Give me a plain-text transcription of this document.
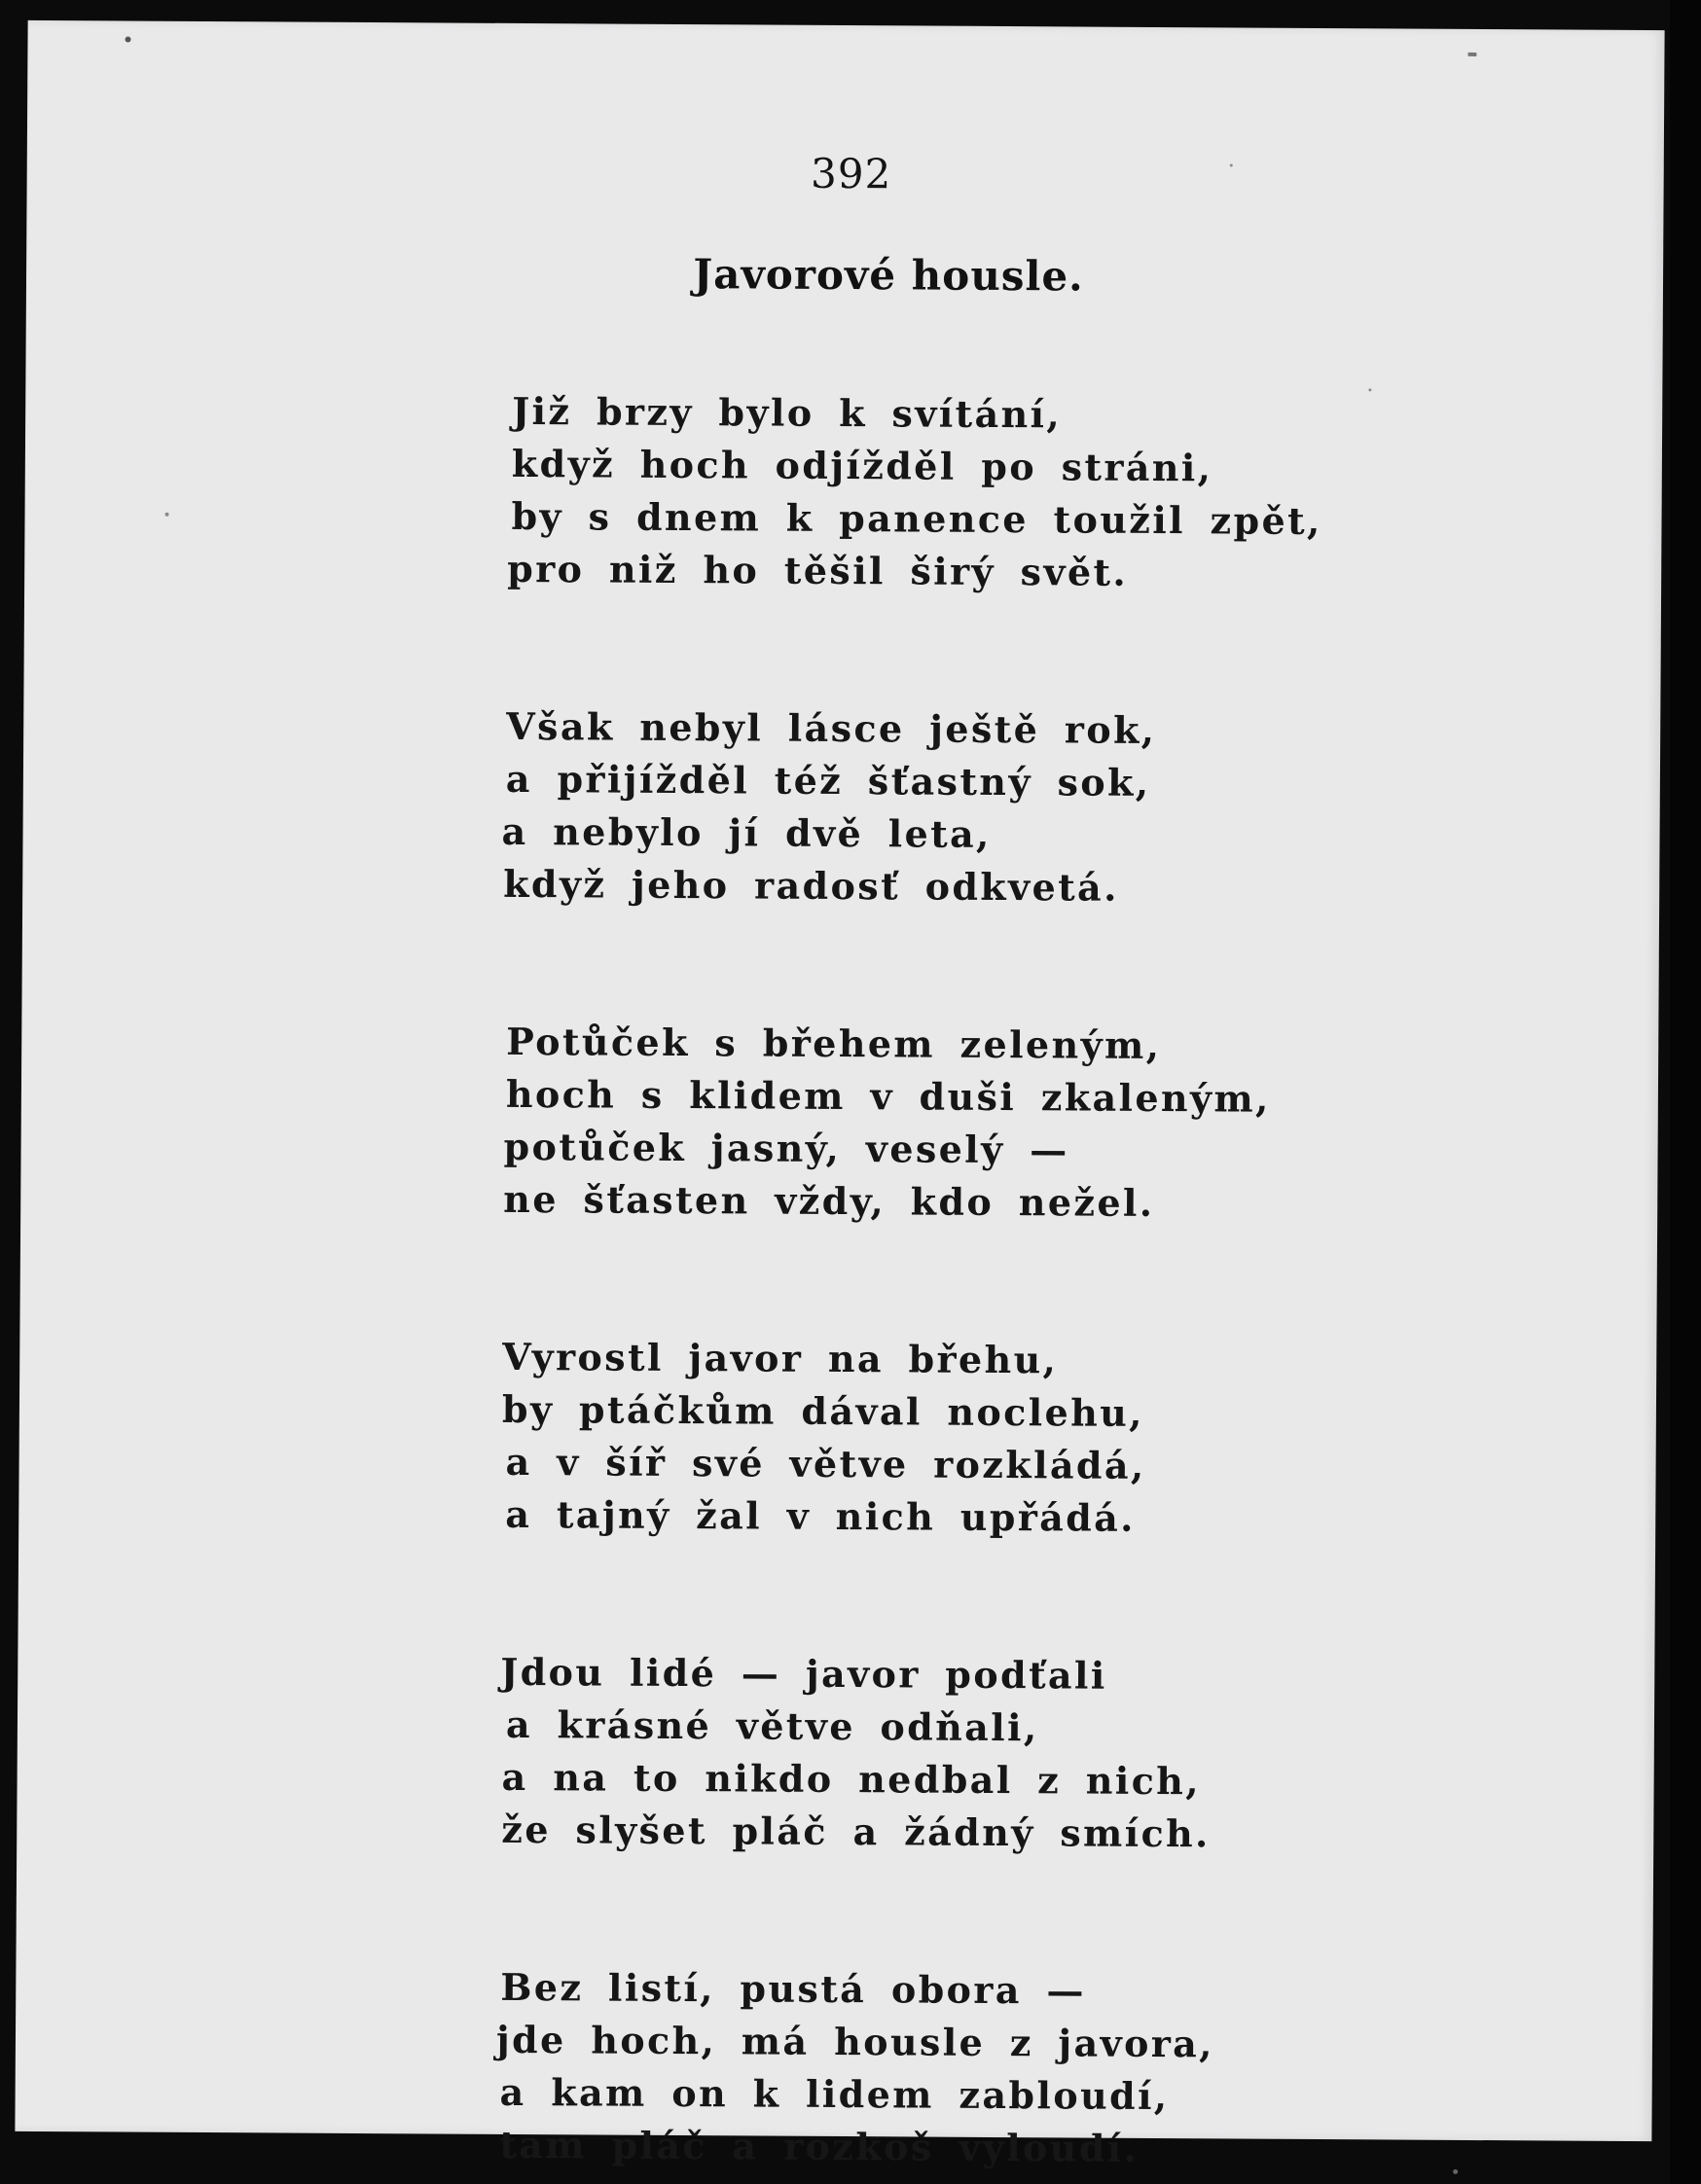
392
Javorové housle.
Již brzy bylo k svítání,
když hoch odjížděl po stráni,
by s dnem k panence toužil zpět,
pro niž ho těšil širý svět.
Však nebyl lásce ještě rok,
a přijížděl též šťastný sok,
a nebylo jí dvě leta,
když jeho radosť odkvetá.
Potůček s břehem zeleným,
hoch s klidem v duši zkaleným,
potůček jasný, veselý —
ne šťasten vždy, kdo nežel.
Vyrostl javor na břehu,
by ptáčkům dával noclehu,
a v šíř své větve rozkládá,
a tajný žal v nich upřádá.
Jdou lidé — javor podťali
a krásné větve odňali,
a na to nikdo nedbal z nich,
že slyšet pláč a žádný smích.
Bez listí, pustá obora —
jde hoch, má housle z javora,
a kam on k lidem zabloudí,
tam pláč a rozkoš vyloudí.
